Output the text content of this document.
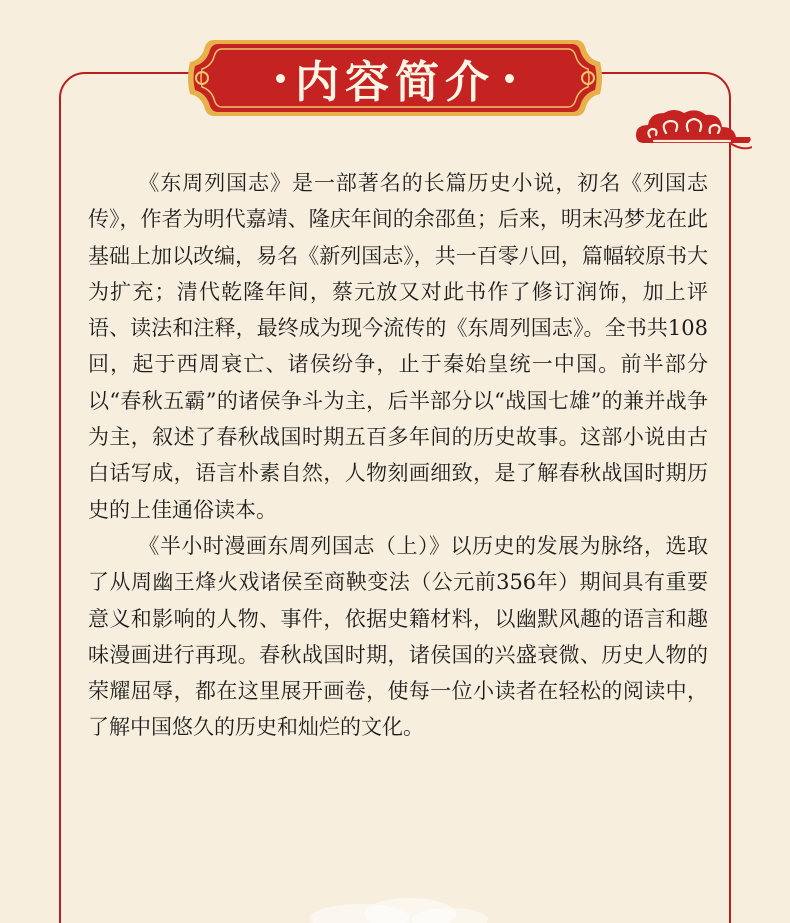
内容简介

《东周列国志》是一部著名的长篇历史小说，初名《列国志传》，作者为明代嘉靖、隆庆年间的余邵鱼；后来，明末冯梦龙在此基础上加以改编，易名《新列国志》，共一百零八回，篇幅较原书大为扩充；清代乾隆年间，蔡元放又对此书作了修订润饰，加上评语、读法和注释，最终成为现今流传的《东周列国志》。全书共108回，起于西周衰亡、诸侯纷争，止于秦始皇统一中国。前半部分以“春秋五霸”的诸侯争斗为主，后半部分以“战国七雄”的兼并战争为主，叙述了春秋战国时期五百多年间的历史故事。这部小说由古白话写成，语言朴素自然，人物刻画细致，是了解春秋战国时期历史的上佳通俗读本。

《半小时漫画东周列国志（上）》以历史的发展为脉络，选取了从周幽王烽火戏诸侯至商鞅变法（公元前356年）期间具有重要意义和影响的人物、事件，依据史籍材料，以幽默风趣的语言和趣味漫画进行再现。春秋战国时期，诸侯国的兴盛衰微、历史人物的荣耀屈辱，都在这里展开画卷，使每一位小读者在轻松的阅读中，了解中国悠久的历史和灿烂的文化。
